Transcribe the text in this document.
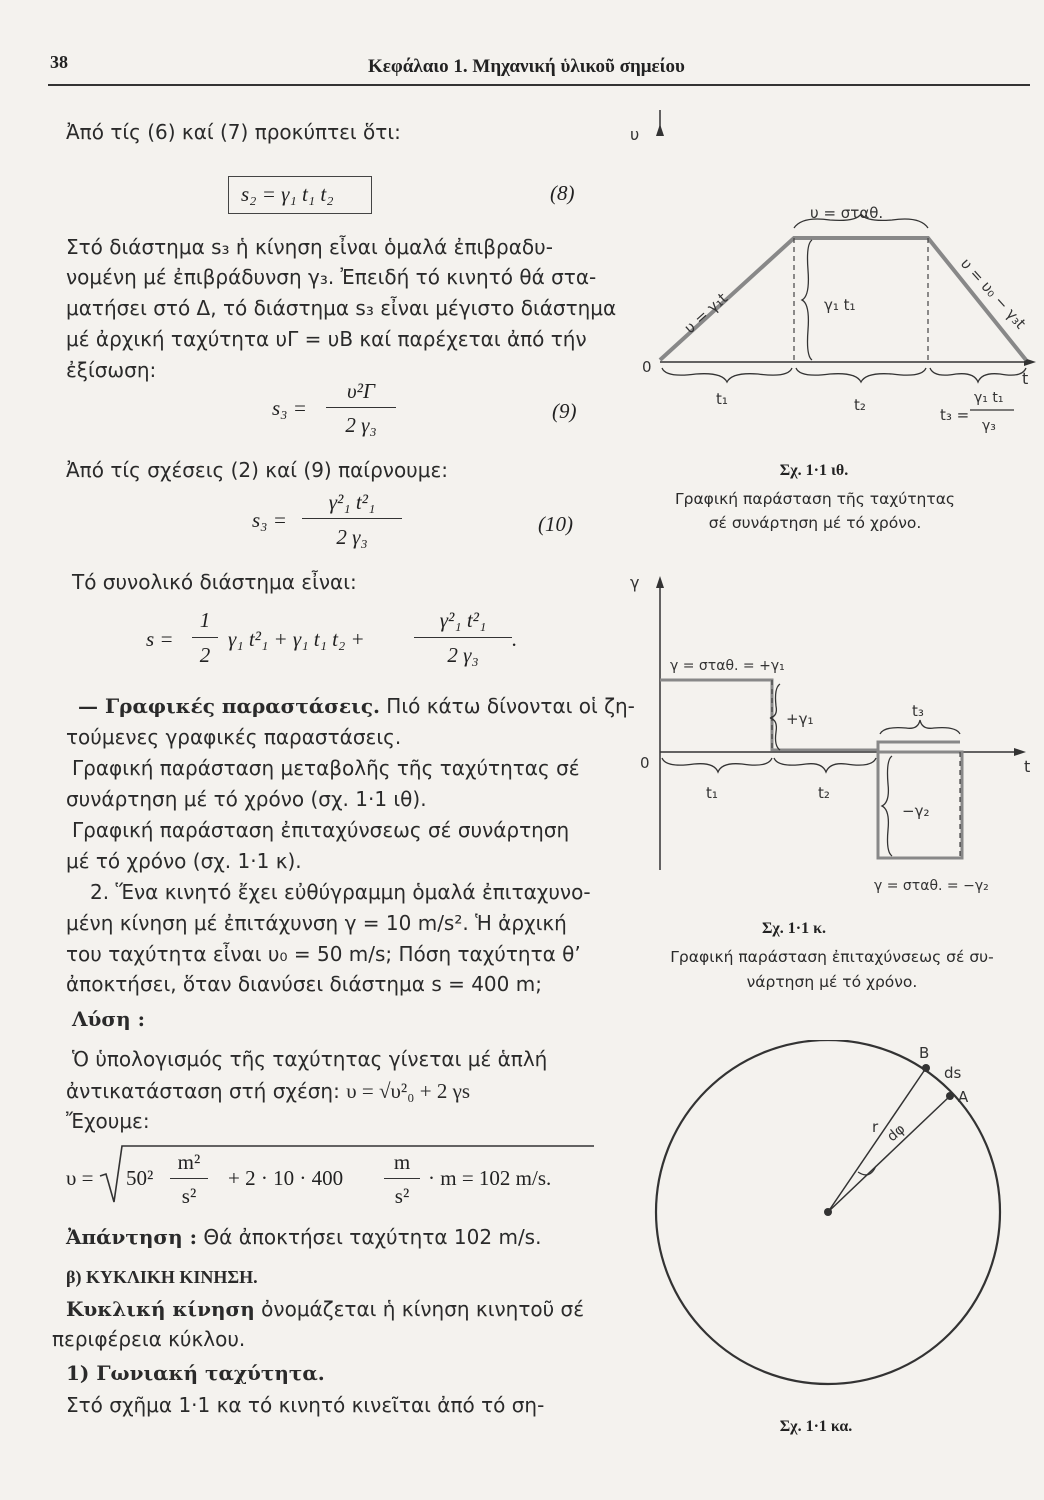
38	Κεφάλαιο 1. Μηχανική ὑλικοῦ σημείου
Ἀπό τίς (6) καί (7) προκύπτει ὅτι:
s₂ = γ₁ t₁ t₂	(8)
Στό διάστημα s₃ ἡ κίνηση εἶναι ὁμαλά ἐπιβραδυ-
νομένη μέ ἐπιβράδυνση γ₃. Ἐπειδή τό κινητό θά στα-
ματήσει στό Δ, τό διάστημα s₃ εἶναι μέγιστο διάστημα
μέ ἀρχική ταχύτητα υΓ = υΒ καί παρέχεται ἀπό τήν
ἐξίσωση:
s₃ =
υ²Γ
2 γ₃
(9)
Ἀπό τίς σχέσεις (2) καί (9) παίρνουμε:
s₃ =
γ²₁ t²₁
2 γ₃
(10)
Τό συνολικό διάστημα εἶναι:
s =
1
2
γ₁ t²₁ + γ₁ t₁ t₂ +
γ²₁ t²₁
2 γ₃
.
— Γραφικές παραστάσεις. Πιό κάτω δίνονται οἱ ζη-
τούμενες γραφικές παραστάσεις.
Γραφική παράσταση μεταβολῆς τῆς ταχύτητας σέ
συνάρτηση μέ τό χρόνο (σχ. 1·1 ιθ).
Γραφική παράσταση ἐπιταχύνσεως σέ συνάρτηση
μέ τό χρόνο (σχ. 1·1 κ).
2. Ἕνα κινητό ἔχει εὐθύγραμμη ὁμαλά ἐπιταχυνο-
μένη κίνηση μέ ἐπιτάχυνση γ = 10 m/s². Ἡ ἀρχική
του ταχύτητα εἶναι υ₀ = 50 m/s; Πόση ταχύτητα θ’
ἀποκτήσει, ὅταν διανύσει διάστημα s = 400 m;
Λύση :
Ὁ ὑπολογισμός τῆς ταχύτητας γίνεται μέ ἁπλή
ἀντικατάσταση στή σχέση: υ = √υ²₀ + 2 γs
Ἔχουμε:
υ = 50²
m²
s²
+ 2 · 10 · 400
m
s²
· m = 102 m/s.
Ἀπάντηση : Θά ἀποκτήσει ταχύτητα 102 m/s.
β) ΚΥΚΛΙΚΗ ΚΙΝΗΣΗ.
Κυκλική κίνηση ὀνομάζεται ἡ κίνηση κινητοῦ σέ
περιφέρεια κύκλου.
1) Γωνιακή ταχύτητα.
Στό σχῆμα 1·1 κα τό κινητό κινεῖται ἀπό τό ση-
υ
t
0
υ = σταθ.
υ = γ₁t	υ = υ₀ − γ₃t
γ₁ t₁
t₁	t₂
t₃ =
γ₁ t₁
γ₃
Σχ. 1·1 ιθ.
Γραφική παράσταση τῆς ταχύτητας
σέ συνάρτηση μέ τό χρόνο.
γ
t
0
γ = σταθ. = +γ₁
+γ₁	t₃
t₁	t₂
−γ₂
γ = σταθ. = −γ₂
Σχ. 1·1 κ.
Γραφική παράσταση ἐπιταχύνσεως σέ συ-
νάρτηση μέ τό χρόνο.
Β
Α
ds
r dφ
Σχ. 1·1 κα.
